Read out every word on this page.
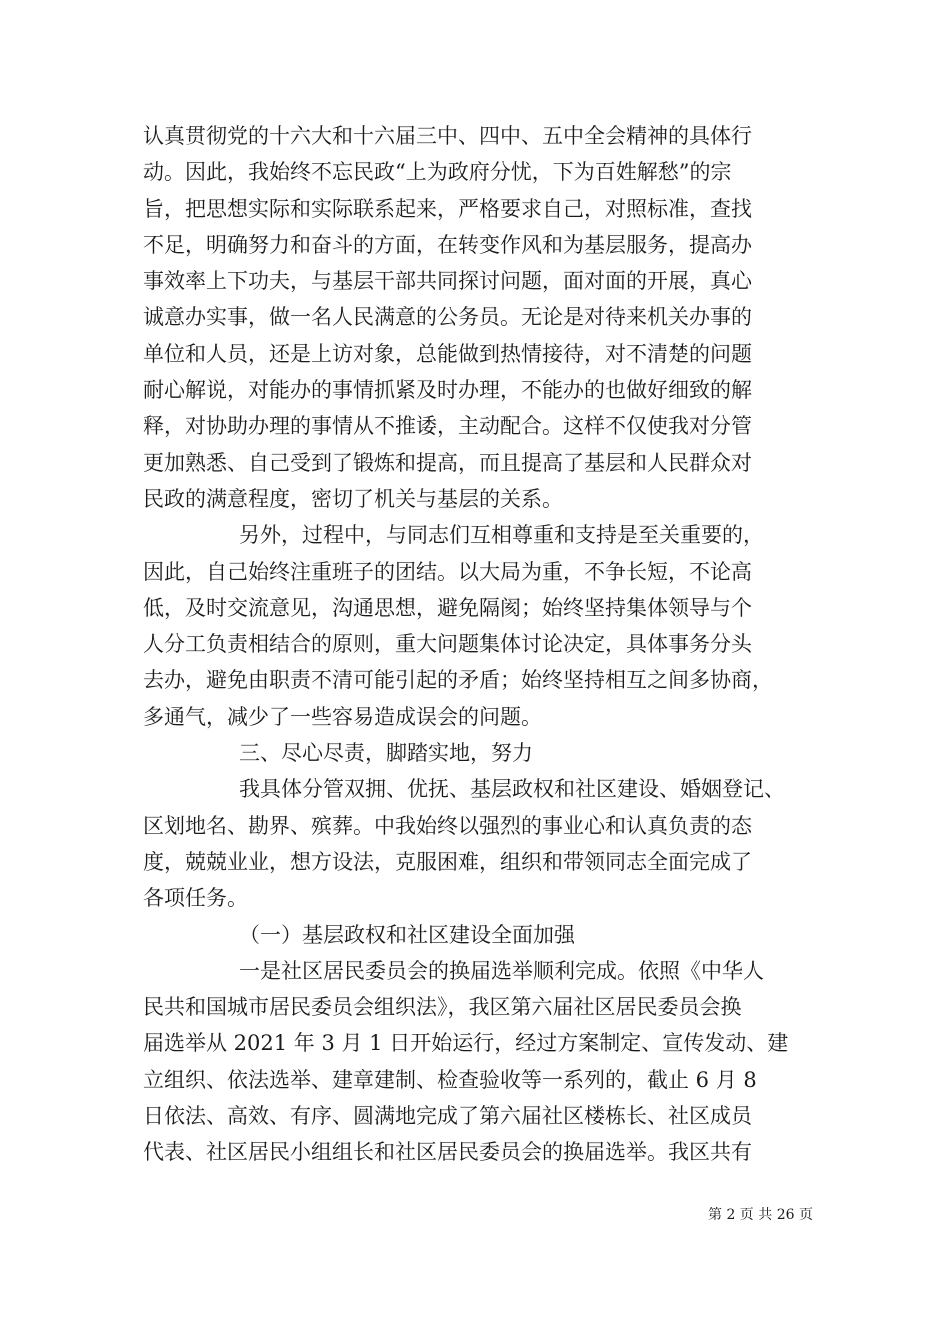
认真贯彻党的十六大和十六届三中、四中、五中全会精神的具体行
动。因此，我始终不忘民政“上为政府分忧，下为百姓解愁”的宗
旨，把思想实际和实际联系起来，严格要求自己，对照标准，查找
不足，明确努力和奋斗的方面，在转变作风和为基层服务，提高办
事效率上下功夫，与基层干部共同探讨问题，面对面的开展，真心
诚意办实事，做一名人民满意的公务员。无论是对待来机关办事的
单位和人员，还是上访对象，总能做到热情接待，对不清楚的问题
耐心解说，对能办的事情抓紧及时办理，不能办的也做好细致的解
释，对协助办理的事情从不推诿，主动配合。这样不仅使我对分管
更加熟悉、自己受到了锻炼和提高，而且提高了基层和人民群众对
民政的满意程度，密切了机关与基层的关系。
另外，过程中，与同志们互相尊重和支持是至关重要的，
因此，自己始终注重班子的团结。以大局为重，不争长短，不论高
低，及时交流意见，沟通思想，避免隔阂；始终坚持集体领导与个
人分工负责相结合的原则，重大问题集体讨论决定，具体事务分头
去办，避免由职责不清可能引起的矛盾；始终坚持相互之间多协商，
多通气，减少了一些容易造成误会的问题。
三、尽心尽责，脚踏实地，努力
我具体分管双拥、优抚、基层政权和社区建设、婚姻登记、
区划地名、勘界、殡葬。中我始终以强烈的事业心和认真负责的态
度，兢兢业业，想方设法，克服困难，组织和带领同志全面完成了
各项任务。
（一）基层政权和社区建设全面加强
一是社区居民委员会的换届选举顺利完成。依照《中华人
民共和国城市居民委员会组织法》，我区第六届社区居民委员会换
届选举从 2021 年 3 月 1 日开始运行，经过方案制定、宣传发动、建
立组织、依法选举、建章建制、检查验收等一系列的，截止 6 月 8
日依法、高效、有序、圆满地完成了第六届社区楼栋长、社区成员
代表、社区居民小组组长和社区居民委员会的换届选举。我区共有
第 2 页 共 26 页
